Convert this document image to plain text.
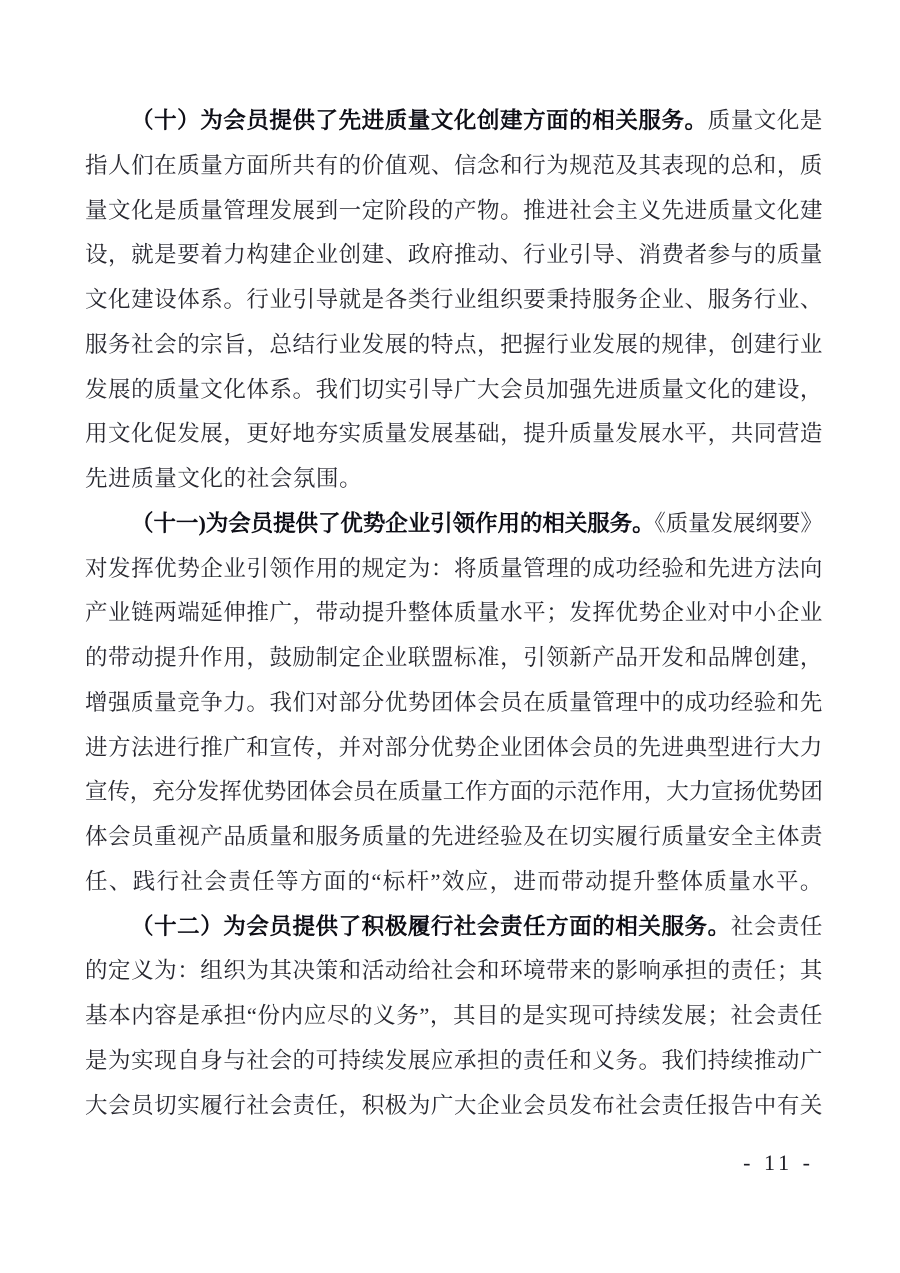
（十）为会员提供了先进质量文化创建方面的相关服务。质量文化是
指人们在质量方面所共有的价值观、信念和行为规范及其表现的总和，质
量文化是质量管理发展到一定阶段的产物。推进社会主义先进质量文化建
设，就是要着力构建企业创建、政府推动、行业引导、消费者参与的质量
文化建设体系。行业引导就是各类行业组织要秉持服务企业、服务行业、
服务社会的宗旨，总结行业发展的特点，把握行业发展的规律，创建行业
发展的质量文化体系。我们切实引导广大会员加强先进质量文化的建设，
用文化促发展，更好地夯实质量发展基础，提升质量发展水平，共同营造
先进质量文化的社会氛围。
（十一)为会员提供了优势企业引领作用的相关服务。《质量发展纲要》
对发挥优势企业引领作用的规定为：将质量管理的成功经验和先进方法向
产业链两端延伸推广，带动提升整体质量水平；发挥优势企业对中小企业
的带动提升作用，鼓励制定企业联盟标准，引领新产品开发和品牌创建，
增强质量竞争力。我们对部分优势团体会员在质量管理中的成功经验和先
进方法进行推广和宣传，并对部分优势企业团体会员的先进典型进行大力
宣传，充分发挥优势团体会员在质量工作方面的示范作用，大力宣扬优势团
体会员重视产品质量和服务质量的先进经验及在切实履行质量安全主体责
任、践行社会责任等方面的“标杆”效应，进而带动提升整体质量水平。
（十二）为会员提供了积极履行社会责任方面的相关服务。社会责任
的定义为：组织为其决策和活动给社会和环境带来的影响承担的责任；其
基本内容是承担“份内应尽的义务”，其目的是实现可持续发展；社会责任
是为实现自身与社会的可持续发展应承担的责任和义务。我们持续推动广
大会员切实履行社会责任，积极为广大企业会员发布社会责任报告中有关
- 11 -
